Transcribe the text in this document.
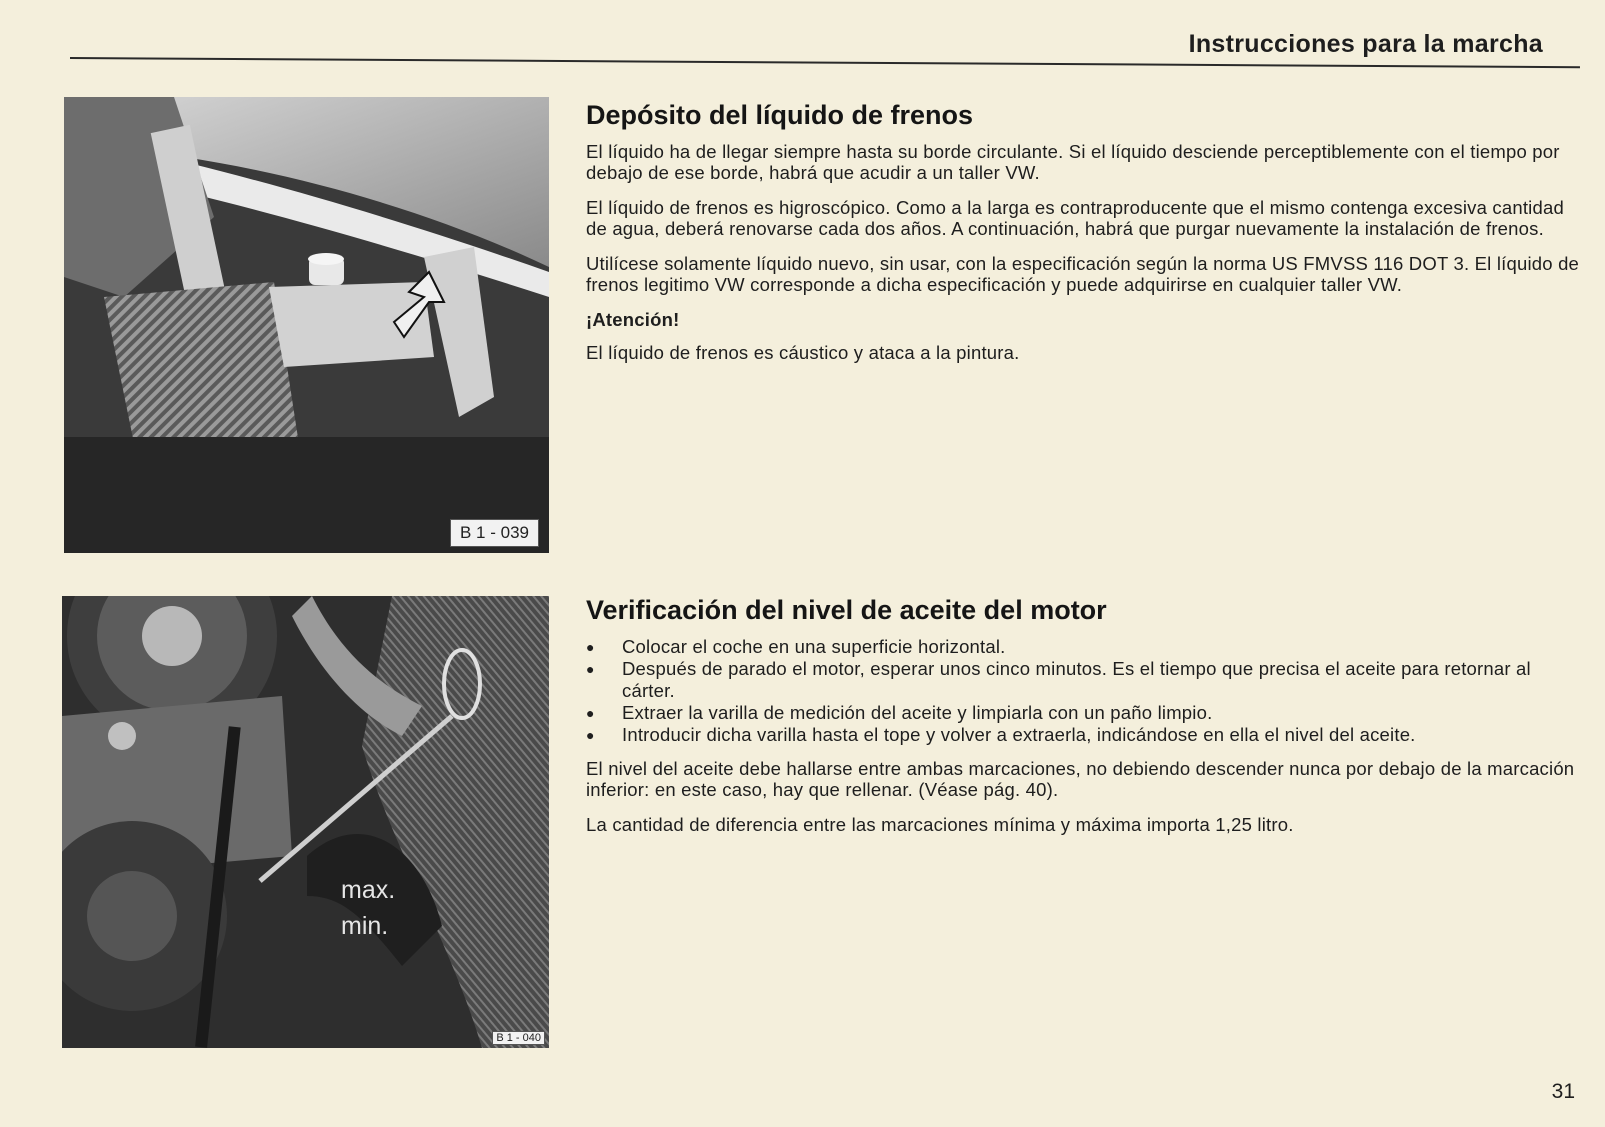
Instrucciones para la marcha
B 1 - 039
max.
min.
B 1 - 040
Depósito del líquido de frenos

El líquido ha de llegar siempre hasta su borde circulante. Si el líquido desciende perceptiblemente con el tiempo por debajo de ese borde, habrá que acudir a un taller VW.

El líquido de frenos es higroscópico. Como a la larga es contraproducente que el mismo contenga excesiva cantidad de agua, deberá renovarse cada dos años. A continuación, habrá que purgar nuevamente la instalación de frenos.

Utilícese solamente líquido nuevo, sin usar, con la especificación según la norma US FMVSS 116 DOT 3. El líquido de frenos legitimo VW corresponde a dicha especificación y puede adquirirse en cualquier taller VW.

¡Atención!

El líquido de frenos es cáustico y ataca a la pintura.

Verificación del nivel de aceite del motor
● Colocar el coche en una superficie horizontal.
● Después de parado el motor, esperar unos cinco minutos. Es el tiempo que precisa el aceite para retornar al cárter.
● Extraer la varilla de medición del aceite y limpiarla con un paño limpio.
● Introducir dicha varilla hasta el tope y volver a extraerla, indicándose en ella el nivel del aceite.

El nivel del aceite debe hallarse entre ambas marcaciones, no debiendo descender nunca por debajo de la marcación inferior: en este caso, hay que rellenar. (Véase pág. 40).

La cantidad de diferencia entre las marcaciones mínima y máxima importa 1,25 litro.

31
